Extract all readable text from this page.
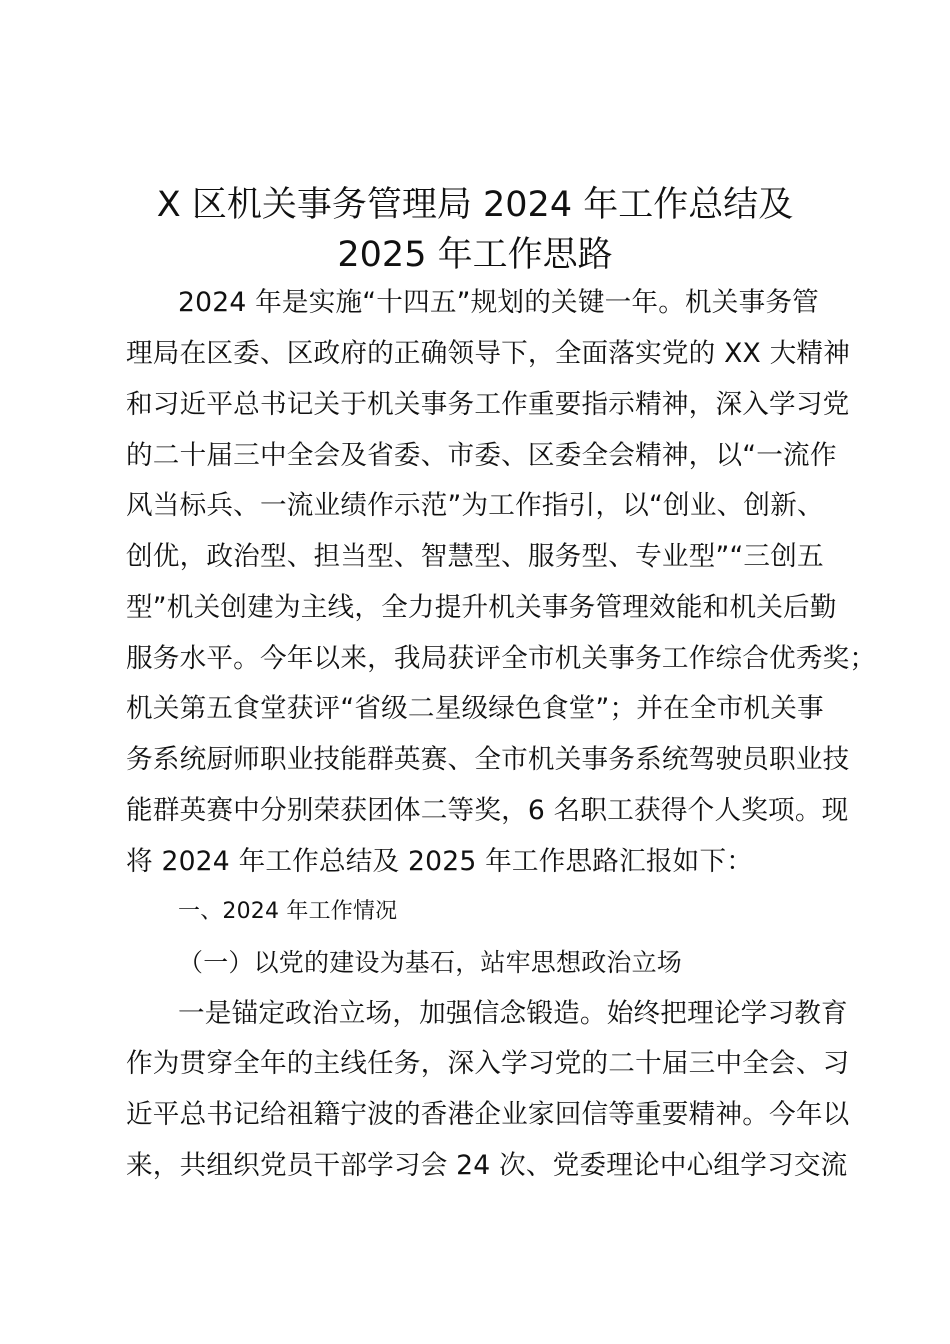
X 区机关事务管理局 2024 年工作总结及
2025 年工作思路
2024 年是实施“十四五”规划的关键一年。机关事务管
理局在区委、区政府的正确领导下，全面落实党的 XX 大精神
和习近平总书记关于机关事务工作重要指示精神，深入学习党
的二十届三中全会及省委、市委、区委全会精神，以“一流作
风当标兵、一流业绩作示范”为工作指引，以“创业、创新、
创优，政治型、担当型、智慧型、服务型、专业型”“三创五
型”机关创建为主线，全力提升机关事务管理效能和机关后勤
服务水平。今年以来，我局获评全市机关事务工作综合优秀奖；
机关第五食堂获评“省级二星级绿色食堂”；并在全市机关事
务系统厨师职业技能群英赛、全市机关事务系统驾驶员职业技
能群英赛中分别荣获团体二等奖，6 名职工获得个人奖项。现
将 2024 年工作总结及 2025 年工作思路汇报如下：
一、2024 年工作情况
（一）以党的建设为基石，站牢思想政治立场
一是锚定政治立场，加强信念锻造。始终把理论学习教育
作为贯穿全年的主线任务，深入学习党的二十届三中全会、习
近平总书记给祖籍宁波的香港企业家回信等重要精神。今年以
来，共组织党员干部学习会 24 次、党委理论中心组学习交流
